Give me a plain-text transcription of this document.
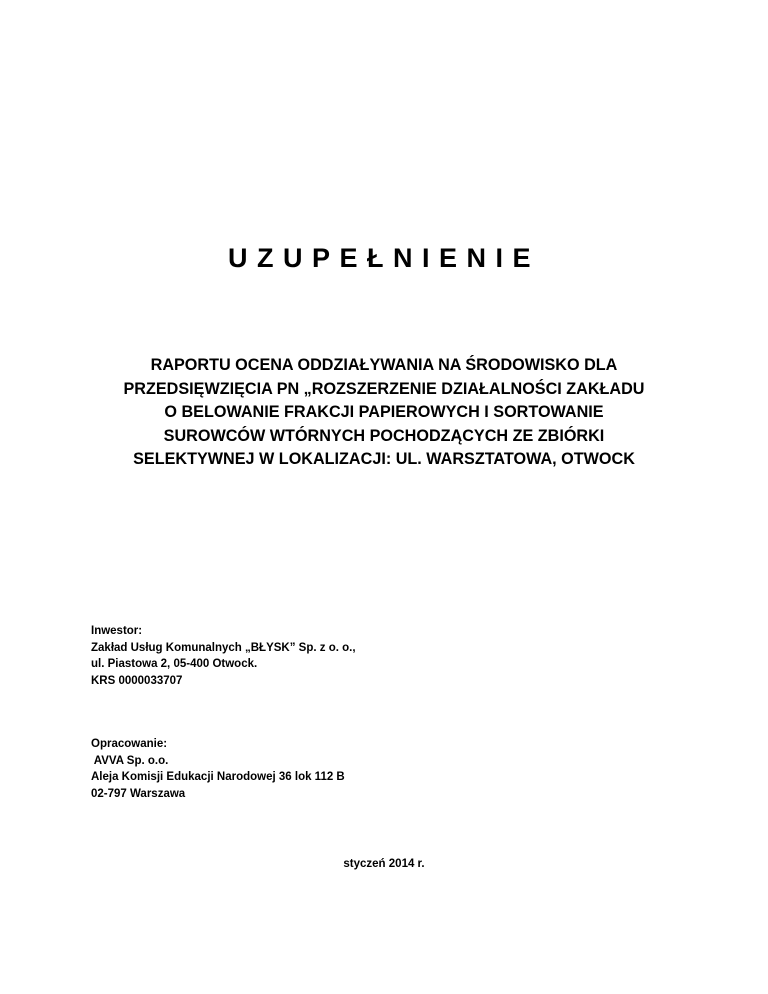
UZUPEŁNIENIE
RAPORTU OCENA ODDZIAŁYWANIA NA ŚRODOWISKO DLA
PRZEDSIĘWZIĘCIA PN „ROZSZERZENIE DZIAŁALNOŚCI ZAKŁADU
O BELOWANIE FRAKCJI PAPIEROWYCH I SORTOWANIE
SUROWCÓW WTÓRNYCH POCHODZĄCYCH ZE ZBIÓRKI
SELEKTYWNEJ W LOKALIZACJI: UL. WARSZTATOWA, OTWOCK
Inwestor:
Zakład Usług Komunalnych „BŁYSK” Sp. z o. o.,
ul. Piastowa 2, 05-400 Otwock.
KRS 0000033707
Opracowanie:
AVVA Sp. o.o.
Aleja Komisji Edukacji Narodowej 36 lok 112 B
02-797 Warszawa
styczeń 2014 r.
